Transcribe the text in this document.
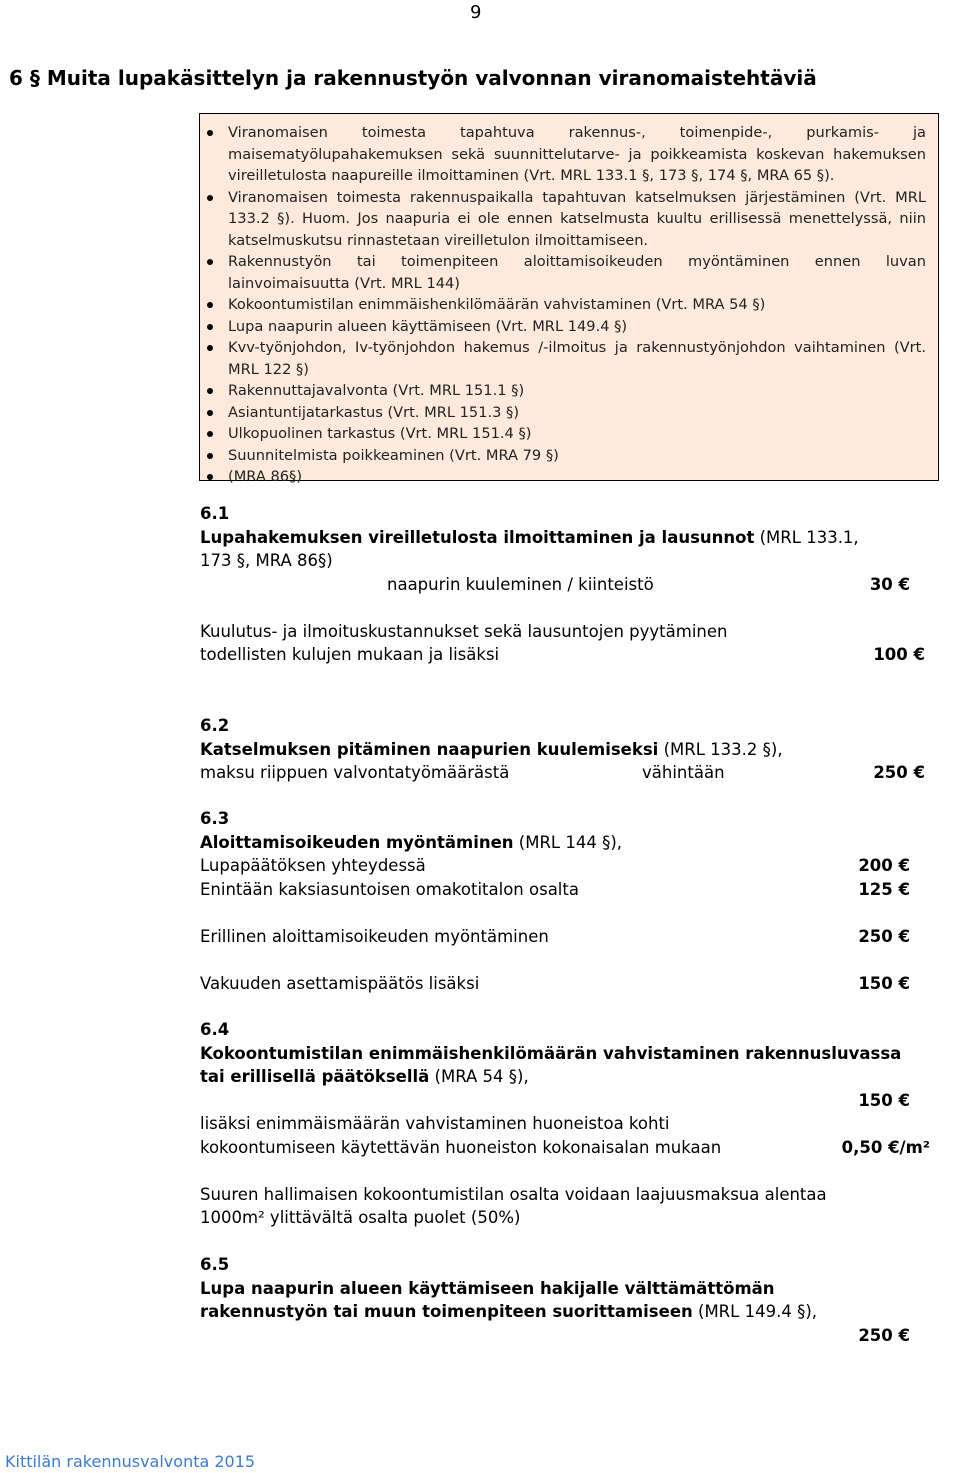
9
6 § Muita lupakäsittelyn ja rakennustyön valvonnan viranomaistehtäviä
Viranomaisen toimesta tapahtuva rakennus-, toimenpide-, purkamis- ja maisematyölupahakemuksen sekä suunnittelutarve- ja poikkeamista koskevan hakemuksen vireilletulosta naapureille ilmoittaminen (Vrt. MRL 133.1 §, 173 §, 174 §, MRA 65 §).
Viranomaisen toimesta rakennuspaikalla tapahtuvan katselmuksen järjestäminen (Vrt. MRL 133.2 §). Huom. Jos naapuria ei ole ennen katselmusta kuultu erillisessä menettelyssä, niin katselmuskutsu rinnastetaan vireilletulon ilmoittamiseen.
Rakennustyön tai toimenpiteen aloittamisoikeuden myöntäminen ennen luvan lainvoimaisuutta (Vrt. MRL 144)
Kokoontumistilan enimmäishenkilömäärän vahvistaminen (Vrt. MRA 54 §)
Lupa naapurin alueen käyttämiseen (Vrt. MRL 149.4 §)
Kvv-työnjohdon, Iv-työnjohdon hakemus /-ilmoitus ja rakennustyönjohdon vaihtaminen (Vrt. MRL 122 §)
Rakennuttajavalvonta (Vrt. MRL 151.1 §)
Asiantuntijatarkastus (Vrt. MRL 151.3 §)
Ulkopuolinen tarkastus (Vrt. MRL 151.4 §)
Suunnitelmista poikkeaminen (Vrt. MRA 79 §)
(MRA 86§)
6.1
Lupahakemuksen vireilletulosta ilmoittaminen ja lausunnot (MRL 133.1,
173 §, MRA 86§)
naapurin kuuleminen / kiinteistö	30 €
Kuulutus- ja ilmoituskustannukset sekä lausuntojen pyytäminen
todellisten kulujen mukaan ja lisäksi	100 €
6.2
Katselmuksen pitäminen naapurien kuulemiseksi (MRL 133.2 §),
maksu riippuen valvontatyömäärästä	vähintään	250 €
6.3
Aloittamisoikeuden myöntäminen (MRL 144 §),
Lupapäätöksen yhteydessä	200 €
Enintään kaksiasuntoisen omakotitalon osalta	125 €
Erillinen aloittamisoikeuden myöntäminen	250 €
Vakuuden asettamispäätös lisäksi	150 €
6.4
Kokoontumistilan enimmäishenkilömäärän vahvistaminen rakennusluvassa
tai erillisellä päätöksellä (MRA 54 §),
150 €
lisäksi enimmäismäärän vahvistaminen huoneistoa kohti
kokoontumiseen käytettävän huoneiston kokonaisalan mukaan	0,50 €/m²
Suuren hallimaisen kokoontumistilan osalta voidaan laajuusmaksua alentaa
1000m² ylittävältä osalta puolet (50%)
6.5
Lupa naapurin alueen käyttämiseen hakijalle välttämättömän
rakennustyön tai muun toimenpiteen suorittamiseen (MRL 149.4 §),
250 €
Kittilän rakennusvalvonta 2015
